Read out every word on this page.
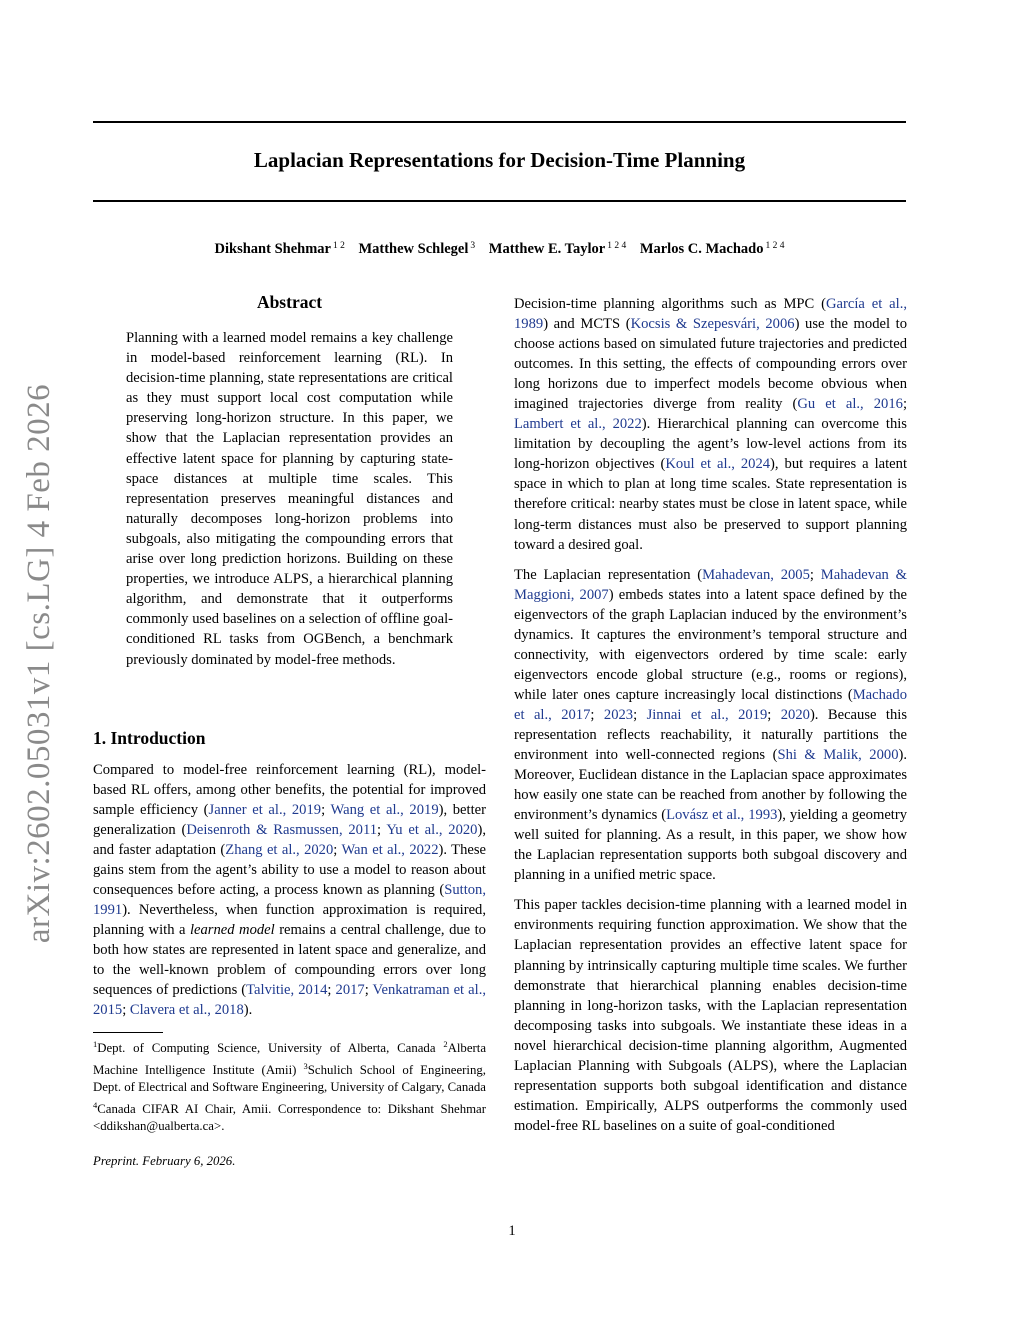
arXiv:2602.05031v1 [cs.LG] 4 Feb 2026
Laplacian Representations for Decision-Time Planning
Dikshant Shehmar $^{1 2}$ Matthew Schlegel $^3$ Matthew E. Taylor $^{1 2 4}$ Marlos C. Machado $^{1 2 4}$
Abstract
Planning with a learned model remains a key challenge in model-based reinforcement learning (RL). In decision-time planning, state representations are critical as they must support local cost computation while preserving long-horizon structure. In this paper, we show that the Laplacian representation provides an effective latent space for planning by capturing state-space distances at multiple time scales. This representation preserves meaningful distances and naturally decomposes long-horizon problems into subgoals, also mitigating the compounding errors that arise over long prediction horizons. Building on these properties, we introduce ALPS, a hierarchical planning algorithm, and demonstrate that it outperforms commonly used baselines on a selection of offline goal-conditioned RL tasks from OGBench, a benchmark previously dominated by model-free methods.
1. Introduction

Compared to model-free reinforcement learning (RL), model-based RL offers, among other benefits, the potential for improved sample efficiency (Janner et al., 2019; Wang et al., 2019), better generalization (Deisenroth & Rasmussen, 2011; Yu et al., 2020), and faster adaptation (Zhang et al., 2020; Wan et al., 2022). These gains stem from the agent’s ability to use a model to reason about consequences before acting, a process known as planning (Sutton, 1991). Nevertheless, when function approximation is required, planning with a learned model remains a central challenge, due to both how states are represented in latent space and generalize, and to the well-known problem of compounding errors over long sequences of predictions (Talvitie, 2014; 2017; Venkatraman et al., 2015; Clavera et al., 2018).

$^1$Dept. of Computing Science, University of Alberta, Canada $^2$Alberta Machine Intelligence Institute (Amii) $^3$Schulich School of Engineering, Dept. of Electrical and Software Engineering, University of Calgary, Canada $^4$Canada CIFAR AI Chair, Amii. Correspondence to: Dikshant Shehmar <ddikshan@ualberta.ca>.
Preprint. February 6, 2026.

Decision-time planning algorithms such as MPC (García et al., 1989) and MCTS (Kocsis & Szepesvári, 2006) use the model to choose actions based on simulated future trajectories and predicted outcomes. In this setting, the effects of compounding errors over long horizons due to imperfect models become obvious when imagined trajectories diverge from reality (Gu et al., 2016; Lambert et al., 2022). Hierarchical planning can overcome this limitation by decoupling the agent’s low-level actions from its long-horizon objectives (Koul et al., 2024), but requires a latent space in which to plan at long time scales. State representation is therefore critical: nearby states must be close in latent space, while long-term distances must also be preserved to support planning toward a desired goal.

The Laplacian representation (Mahadevan, 2005; Mahadevan & Maggioni, 2007) embeds states into a latent space defined by the eigenvectors of the graph Laplacian induced by the environment’s dynamics. It captures the environment’s temporal structure and connectivity, with eigenvectors ordered by time scale: early eigenvectors encode global structure (e.g., rooms or regions), while later ones capture increasingly local distinctions (Machado et al., 2017; 2023; Jinnai et al., 2019; 2020). Because this representation reflects reachability, it naturally partitions the environment into well-connected regions (Shi & Malik, 2000). Moreover, Euclidean distance in the Laplacian space approximates how easily one state can be reached from another by following the environment’s dynamics (Lovász et al., 1993), yielding a geometry well suited for planning. As a result, in this paper, we show how the Laplacian representation supports both subgoal discovery and planning in a unified metric space.

This paper tackles decision-time planning with a learned model in environments requiring function approximation. We show that the Laplacian representation provides an effective latent space for planning by intrinsically capturing multiple time scales. We further demonstrate that hierarchical planning enables decision-time planning in long-horizon tasks, with the Laplacian representation decomposing tasks into subgoals. We instantiate these ideas in a novel hierarchical decision-time planning algorithm, Augmented Laplacian Planning with Subgoals (ALPS), where the Laplacian representation supports both subgoal identification and distance estimation. Empirically, ALPS outperforms the commonly used model-free RL baselines on a suite of goal-conditioned

1
